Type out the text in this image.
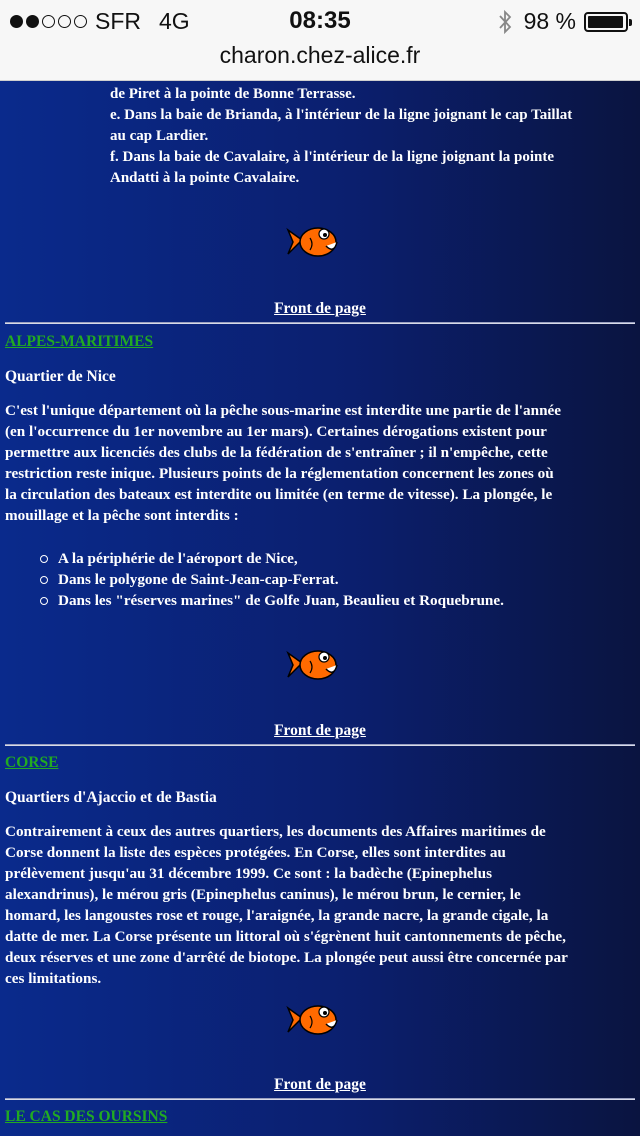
SFR 4G	08:35	98 %
charon.chez-alice.fr
de Piret à la pointe de Bonne Terrasse.
e. Dans la baie de Brianda, à l'intérieur de la ligne joignant le cap Taillat
au cap Lardier.
f. Dans la baie de Cavalaire, à l'intérieur de la ligne joignant la pointe
Andatti à la pointe Cavalaire.
Front de page
ALPES-MARITIMES
Quartier de Nice
C'est l'unique département où la pêche sous-marine est interdite une partie de l'année
(en l'occurrence du 1er novembre au 1er mars). Certaines dérogations existent pour
permettre aux licenciés des clubs de la fédération de s'entraîner ; il n'empêche, cette
restriction reste inique. Plusieurs points de la réglementation concernent les zones où
la circulation des bateaux est interdite ou limitée (en terme de vitesse). La plongée, le
mouillage et la pêche sont interdits :
A la périphérie de l'aéroport de Nice,
Dans le polygone de Saint-Jean-cap-Ferrat.
Dans les "réserves marines" de Golfe Juan, Beaulieu et Roquebrune.
Front de page
CORSE
Quartiers d'Ajaccio et de Bastia
Contrairement à ceux des autres quartiers, les documents des Affaires maritimes de
Corse donnent la liste des espèces protégées. En Corse, elles sont interdites au
prélèvement jusqu'au 31 décembre 1999. Ce sont : la badèche (Epinephelus
alexandrinus), le mérou gris (Epinephelus caninus), le mérou brun, le cernier, le
homard, les langoustes rose et rouge, l'araignée, la grande nacre, la grande cigale, la
datte de mer. La Corse présente un littoral où s'égrènent huit cantonnements de pêche,
deux réserves et une zone d'arrêté de biotope. La plongée peut aussi être concernée par
ces limitations.
Front de page
LE CAS DES OURSINS
